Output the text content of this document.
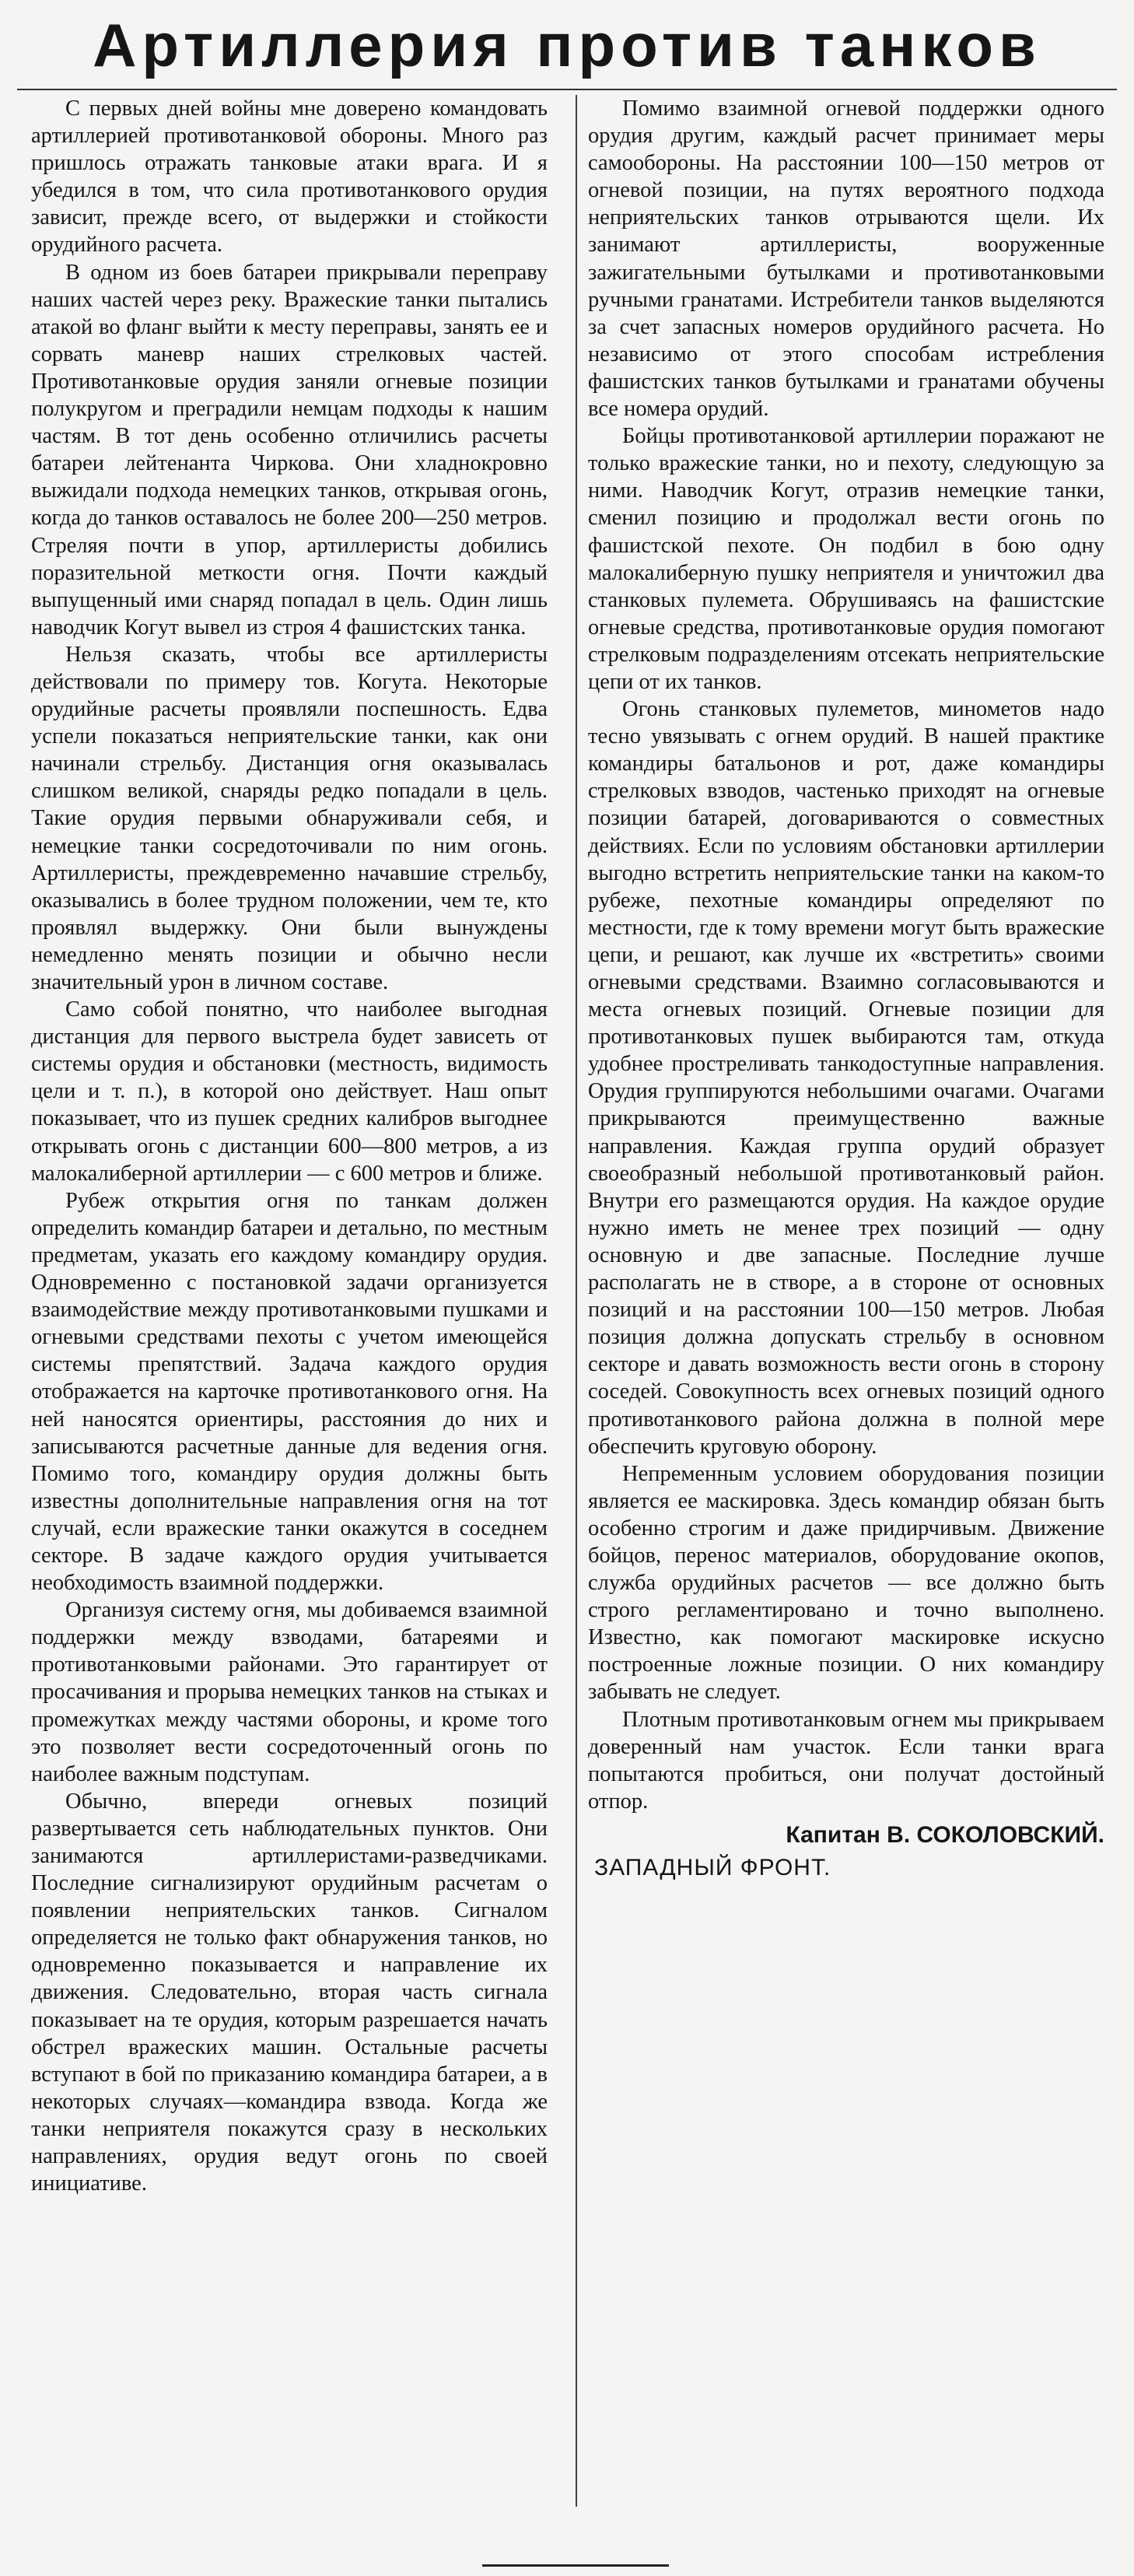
Артиллерия против танков

С первых дней войны мне доверено командовать артиллерией противотанковой обороны. Много раз пришлось отражать танковые атаки врага. И я убедился в том, что сила противотанкового орудия зависит, прежде всего, от выдержки и стойкости орудийного расчета.

В одном из боев батареи прикрывали переправу наших частей через реку. Вражеские танки пытались атакой во фланг выйти к месту переправы, занять ее и сорвать маневр наших стрелковых частей. Противотанковые орудия заняли огневые позиции полукругом и преградили немцам подходы к нашим частям. В тот день особенно отличились расчеты батареи лейтенанта Чиркова. Они хладнокровно выжидали подхода немецких танков, открывая огонь, когда до танков оставалось не более 200—250 метров. Стреляя почти в упор, артиллеристы добились поразительной меткости огня. Почти каждый выпущенный ими снаряд попадал в цель. Один лишь наводчик Когут вывел из строя 4 фашистских танка.

Нельзя сказать, чтобы все артиллеристы действовали по примеру тов. Когута. Некоторые орудийные расчеты проявляли поспешность. Едва успели показаться неприятельские танки, как они начинали стрельбу. Дистанция огня оказывалась слишком великой, снаряды редко попадали в цель. Такие орудия первыми обнаруживали себя, и немецкие танки сосредоточивали по ним огонь. Артиллеристы, преждевременно начавшие стрельбу, оказывались в более трудном положении, чем те, кто проявлял выдержку. Они были вынуждены немедленно менять позиции и обычно несли значительный урон в личном составе.

Само собой понятно, что наиболее выгодная дистанция для первого выстрела будет зависеть от системы орудия и обстановки (местность, видимость цели и т. п.), в которой оно действует. Наш опыт показывает, что из пушек средних калибров выгоднее открывать огонь с дистанции 600—800 метров, а из малокалиберной артиллерии — с 600 метров и ближе.

Рубеж открытия огня по танкам должен определить командир батареи и детально, по местным предметам, указать его каждому командиру орудия. Одновременно с постановкой задачи организуется взаимодействие между противотанковыми пушками и огневыми средствами пехоты с учетом имеющейся системы препятствий. Задача каждого орудия отображается на карточке противотанкового огня. На ней наносятся ориентиры, расстояния до них и записываются расчетные данные для ведения огня. Помимо того, командиру орудия должны быть известны дополнительные направления огня на тот случай, если вражеские танки окажутся в соседнем секторе. В задаче каждого орудия учитывается необходимость взаимной поддержки.

Организуя систему огня, мы добиваемся взаимной поддержки между взводами, батареями и противотанковыми районами. Это гарантирует от просачивания и прорыва немецких танков на стыках и промежутках между частями обороны, и кроме того это позволяет вести сосредоточенный огонь по наиболее важным подступам.

Обычно, впереди огневых позиций развертывается сеть наблюдательных пунктов. Они занимаются артиллеристами-разведчиками. Последние сигнализируют орудийным расчетам о появлении неприятельских танков. Сигналом определяется не только факт обнаружения танков, но одновременно показывается и направление их движения. Следовательно, вторая часть сигнала показывает на те орудия, которым разрешается начать обстрел вражеских машин. Остальные расчеты вступают в бой по приказанию командира батареи, а в некоторых случаях—командира взвода. Когда же танки неприятеля покажутся сразу в нескольких направлениях, орудия ведут огонь по своей инициативе.

Помимо взаимной огневой поддержки одного орудия другим, каждый расчет принимает меры самообороны. На расстоянии 100—150 метров от огневой позиции, на путях вероятного подхода неприятельских танков отрываются щели. Их занимают артиллеристы, вооруженные зажигательными бутылками и противотанковыми ручными гранатами. Истребители танков выделяются за счет запасных номеров орудийного расчета. Но независимо от этого способам истребления фашистских танков бутылками и гранатами обучены все номера орудий.

Бойцы противотанковой артиллерии поражают не только вражеские танки, но и пехоту, следующую за ними. Наводчик Когут, отразив немецкие танки, сменил позицию и продолжал вести огонь по фашистской пехоте. Он подбил в бою одну малокалиберную пушку неприятеля и уничтожил два станковых пулемета. Обрушиваясь на фашистские огневые средства, противотанковые орудия помогают стрелковым подразделениям отсекать неприятельские цепи от их танков.

Огонь станковых пулеметов, минометов надо тесно увязывать с огнем орудий. В нашей практике командиры батальонов и рот, даже командиры стрелковых взводов, частенько приходят на огневые позиции батарей, договариваются о совместных действиях. Если по условиям обстановки артиллерии выгодно встретить неприятельские танки на каком-то рубеже, пехотные командиры определяют по местности, где к тому времени могут быть вражеские цепи, и решают, как лучше их «встретить» своими огневыми средствами. Взаимно согласовываются и места огневых позиций. Огневые позиции для противотанковых пушек выбираются там, откуда удобнее простреливать танкодоступные направления. Орудия группируются небольшими очагами. Очагами прикрываются преимущественно важные направления. Каждая группа орудий образует своеобразный небольшой противотанковый район. Внутри его размещаются орудия. На каждое орудие нужно иметь не менее трех позиций — одну основную и две запасные. Последние лучше располагать не в створе, а в стороне от основных позиций и на расстоянии 100—150 метров. Любая позиция должна допускать стрельбу в основном секторе и давать возможность вести огонь в сторону соседей. Совокупность всех огневых позиций одного противотанкового района должна в полной мере обеспечить круговую оборону.

Непременным условием оборудования позиции является ее маскировка. Здесь командир обязан быть особенно строгим и даже придирчивым. Движение бойцов, перенос материалов, оборудование окопов, служба орудийных расчетов — все должно быть строго регламентировано и точно выполнено. Известно, как помогают маскировке искусно построенные ложные позиции. О них командиру забывать не следует.

Плотным противотанковым огнем мы прикрываем доверенный нам участок. Если танки врага попытаются пробиться, они получат достойный отпор.

Капитан В. СОКОЛОВСКИЙ.
ЗАПАДНЫЙ ФРОНТ.
